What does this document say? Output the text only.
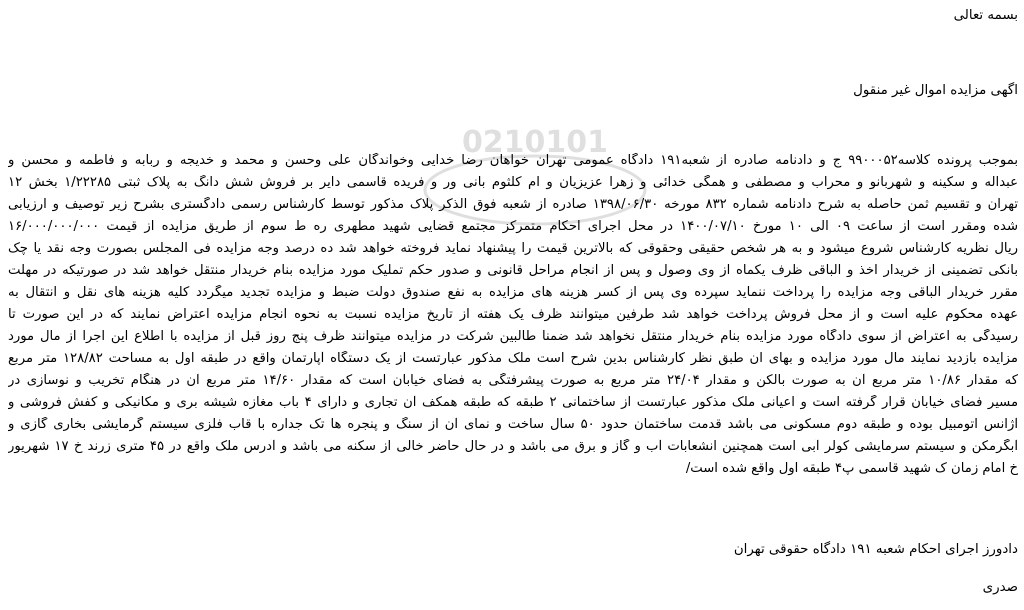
0210101
بسمه تعالی
اگهی مزایده اموال غیر منقول
بموجب پرونده کلاسه۹۹۰۰۰۵۲ ج و دادنامه صادره از شعبه۱۹۱ دادگاه عمومی تهران خواهان رضا خدایی وخواندگان علی وحسن و محمد و خدیجه و ربابه و فاطمه و محسن و
عبداله و سکینه و شهربانو و محراب و مصطفی و همگی خدائی و زهرا عزیزیان و ام کلثوم بانی ور و فریده قاسمی دایر بر فروش شش دانگ به پلاک ثبتی ۱/۲۲۲۸۵ بخش ۱۲
تهران و تقسیم ثمن حاصله به شرح دادنامه شماره ۸۳۲ مورخه ۱۳۹۸/۰۶/۳۰ صادره از شعبه فوق الذکر پلاک مذکور توسط کارشناس رسمی دادگستری بشرح زیر توصیف و ارزیابی
شده ومقرر است از ساعت ۰۹ الی ۱۰ مورخ ۱۴۰۰/۰۷/۱۰ در محل اجرای احکام متمرکز مجتمع قضایی شهید مطهری ره ط سوم از طریق مزایده از قیمت ۱۶/۰۰۰/۰۰۰/۰۰۰
ریال نظریه کارشناس شروع میشود و به هر شخص حقیقی وحقوقی که بالاترین قیمت را پیشنهاد نماید فروخته خواهد شد ده درصد وجه مزایده فی المجلس بصورت وجه نقد یا چک
بانکی تضمینی از خریدار اخذ و الباقی ظرف یکماه از وی وصول و پس از انجام مراحل قانونی و صدور حکم تملیک مورد مزایده بنام خریدار منتقل خواهد شد در صورتیکه در مهلت
مقرر خریدار الباقی وجه مزایده را پرداخت ننماید سپرده وی پس از کسر هزینه های مزایده به نفع صندوق دولت ضبط و مزایده تجدید میگردد کلیه هزینه های نقل و انتقال به
عهده محکوم علیه است و از محل فروش پرداخت خواهد شد طرفین میتوانند ظرف یک هفته از تاریخ مزایده نسبت به نحوه انجام مزایده اعتراض نمایند که در این صورت تا
رسیدگی به اعتراض از سوی دادگاه مورد مزایده بنام خریدار منتقل نخواهد شد ضمنا طالبین شرکت در مزایده میتوانند ظرف پنج روز قبل از مزایده با اطلاع این اجرا از مال مورد
مزایده بازدید نمایند مال مورد مزایده و بهای ان طبق نظر کارشناس بدین شرح است ملک مذکور عبارتست از یک دستگاه آپارتمان واقع در طبقه اول به مساحت ۱۲۸/۸۲ متر مربع
که مقدار ۱۰/۸۶ متر مربع آن به صورت بالکن و مقدار ۲۴/۰۴ متر مربع به صورت پیشرفتگی به فضای خیابان است که مقدار ۱۴/۶۰ متر مربع آن در هنگام تخریب و نوسازی در
مسیر فضای خیابان قرار گرفته است و اعیانی ملک مذکور عبارتست از ساختمانی ۲ طبقه که طبقه همکف آن تجاری و دارای ۴ باب مغازه شیشه بری و مکانیکی و کفش فروشی و
آژانس اتومبیل بوده و طبقه دوم مسکونی می باشد قدمت ساختمان حدود ۵۰ سال ساخت و نمای آن از سنگ و پنجره ها تک جداره با قاب فلزی سیستم گرمایشی بخاری گازی و
آبگرمکن و سیستم سرمایشی کولر آبی است همچنین انشعابات آب و گاز و برق می باشد و در حال حاضر خالی از سکنه می باشد و آدرس ملک واقع در ۴۵ متری زرند خ ۱۷ شهریور
خ امام زمان ک شهید قاسمی پ۴ طبقه اول واقع شده است/
دادورز اجرای احکام شعبه ۱۹۱ دادگاه حقوقی تهران
صدری
